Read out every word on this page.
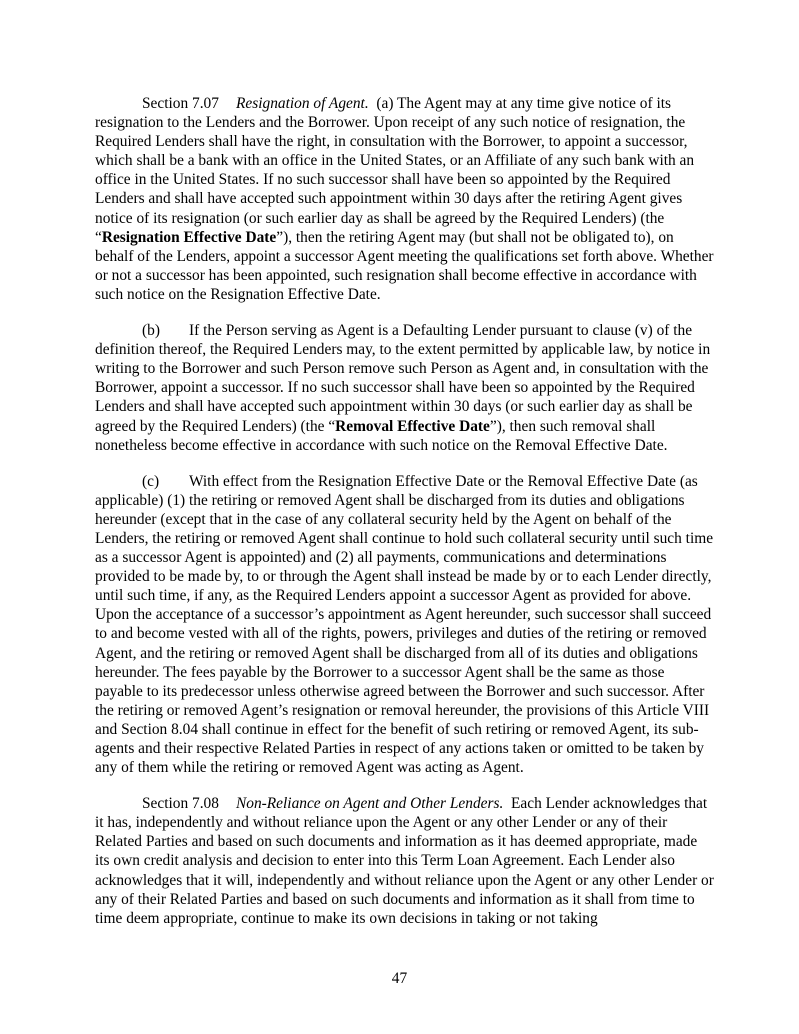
Section 7.07 Resignation of Agent. (a) The Agent may at any time give notice of its resignation to the Lenders and the Borrower. Upon receipt of any such notice of resignation, the Required Lenders shall have the right, in consultation with the Borrower, to appoint a successor, which shall be a bank with an office in the United States, or an Affiliate of any such bank with an office in the United States. If no such successor shall have been so appointed by the Required Lenders and shall have accepted such appointment within 30 days after the retiring Agent gives notice of its resignation (or such earlier day as shall be agreed by the Required Lenders) (the “Resignation Effective Date”), then the retiring Agent may (but shall not be obligated to), on behalf of the Lenders, appoint a successor Agent meeting the qualifications set forth above. Whether or not a successor has been appointed, such resignation shall become effective in accordance with such notice on the Resignation Effective Date.

(b) If the Person serving as Agent is a Defaulting Lender pursuant to clause (v) of the definition thereof, the Required Lenders may, to the extent permitted by applicable law, by notice in writing to the Borrower and such Person remove such Person as Agent and, in consultation with the Borrower, appoint a successor. If no such successor shall have been so appointed by the Required Lenders and shall have accepted such appointment within 30 days (or such earlier day as shall be agreed by the Required Lenders) (the “Removal Effective Date”), then such removal shall nonetheless become effective in accordance with such notice on the Removal Effective Date.

(c) With effect from the Resignation Effective Date or the Removal Effective Date (as applicable) (1) the retiring or removed Agent shall be discharged from its duties and obligations hereunder (except that in the case of any collateral security held by the Agent on behalf of the Lenders, the retiring or removed Agent shall continue to hold such collateral security until such time as a successor Agent is appointed) and (2) all payments, communications and determinations provided to be made by, to or through the Agent shall instead be made by or to each Lender directly, until such time, if any, as the Required Lenders appoint a successor Agent as provided for above. Upon the acceptance of a successor’s appointment as Agent hereunder, such successor shall succeed to and become vested with all of the rights, powers, privileges and duties of the retiring or removed Agent, and the retiring or removed Agent shall be discharged from all of its duties and obligations hereunder. The fees payable by the Borrower to a successor Agent shall be the same as those payable to its predecessor unless otherwise agreed between the Borrower and such successor. After the retiring or removed Agent’s resignation or removal hereunder, the provisions of this Article VIII and Section 8.04 shall continue in effect for the benefit of such retiring or removed Agent, its sub-agents and their respective Related Parties in respect of any actions taken or omitted to be taken by any of them while the retiring or removed Agent was acting as Agent.

Section 7.08 Non-Reliance on Agent and Other Lenders. Each Lender acknowledges that it has, independently and without reliance upon the Agent or any other Lender or any of their Related Parties and based on such documents and information as it has deemed appropriate, made its own credit analysis and decision to enter into this Term Loan Agreement. Each Lender also acknowledges that it will, independently and without reliance upon the Agent or any other Lender or any of their Related Parties and based on such documents and information as it shall from time to time deem appropriate, continue to make its own decisions in taking or not taking

47
